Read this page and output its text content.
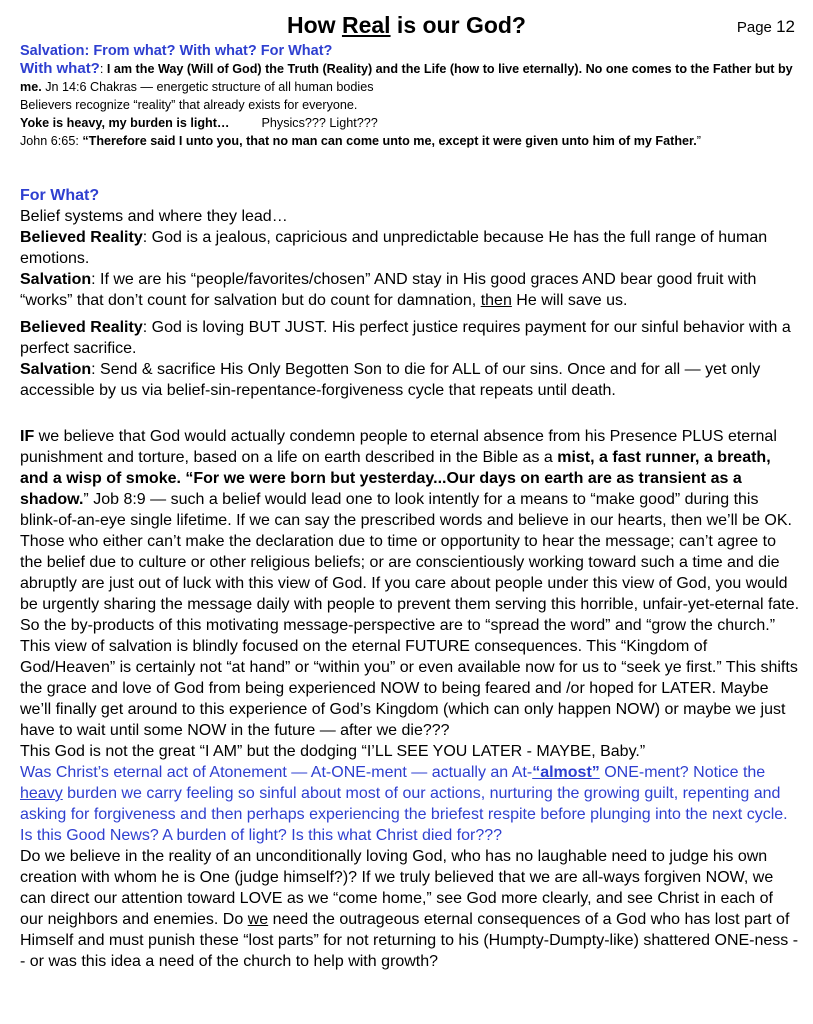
How Real is our God?	Page 12
Salvation: From what? With what? For What?

With what?: I am the Way (Will of God) the Truth (Reality) and the Life (how to live eternally). No one comes to the Father but by me. Jn 14:6 Chakras — energetic structure of all human bodies

Believers recognize “reality” that already exists for everyone.

Yoke is heavy, my burden is light…	Physics??? Light???

John 6:65: “Therefore said I unto you, that no man can come unto me, except it were given unto him of my Father.”

For What?

Belief systems and where they lead…

Believed Reality: God is a jealous, capricious and unpredictable because He has the full range of human emotions.

Salvation: If we are his “people/favorites/chosen” AND stay in His good graces AND bear good fruit with “works” that don’t count for salvation but do count for damnation, then He will save us.

Believed Reality: God is loving BUT JUST. His perfect justice requires payment for our sinful behavior with a perfect sacrifice.

Salvation: Send & sacrifice His Only Begotten Son to die for ALL of our sins. Once and for all — yet only accessible by us via belief-sin-repentance-forgiveness cycle that repeats until death.

IF we believe that God would actually condemn people to eternal absence from his Presence PLUS eternal punishment and torture, based on a life on earth described in the Bible as a mist, a fast runner, a breath, and a wisp of smoke. “For we were born but yesterday...Our days on earth are as transient as a shadow.” Job 8:9 — such a belief would lead one to look intently for a means to “make good” during this blink-of-an-eye single lifetime. If we can say the prescribed words and believe in our hearts, then we’ll be OK. Those who either can’t make the declaration due to time or opportunity to hear the message; can’t agree to the belief due to culture or other religious beliefs; or are conscientiously working toward such a time and die abruptly are just out of luck with this view of God. If you care about people under this view of God, you would be urgently sharing the message daily with people to prevent them serving this horrible, unfair-yet-eternal fate. So the by-products of this motivating message-perspective are to “spread the word” and “grow the church.”

This view of salvation is blindly focused on the eternal FUTURE consequences. This “Kingdom of God/Heaven” is certainly not “at hand” or “within you” or even available now for us to “seek ye first.” This shifts the grace and love of God from being experienced NOW to being feared and /or hoped for LATER. Maybe we’ll finally get around to this experience of God’s Kingdom (which can only happen NOW) or maybe we just have to wait until some NOW in the future — after we die???

This God is not the great “I AM” but the dodging “I’LL SEE YOU LATER - MAYBE, Baby.”

Was Christ’s eternal act of Atonement — At-ONE-ment — actually an At-“almost” ONE-ment? Notice the heavy burden we carry feeling so sinful about most of our actions, nurturing the growing guilt, repenting and asking for forgiveness and then perhaps experiencing the briefest respite before plunging into the next cycle. Is this Good News? A burden of light? Is this what Christ died for???

Do we believe in the reality of an unconditionally loving God, who has no laughable need to judge his own creation with whom he is One (judge himself?)? If we truly believed that we are all-ways forgiven NOW, we can direct our attention toward LOVE as we “come home,” see God more clearly, and see Christ in each of our neighbors and enemies. Do we need the outrageous eternal consequences of a God who has lost part of Himself and must punish these “lost parts” for not returning to his (Humpty-Dumpty-like) shattered ONE-ness -- or was this idea a need of the church to help with growth?
